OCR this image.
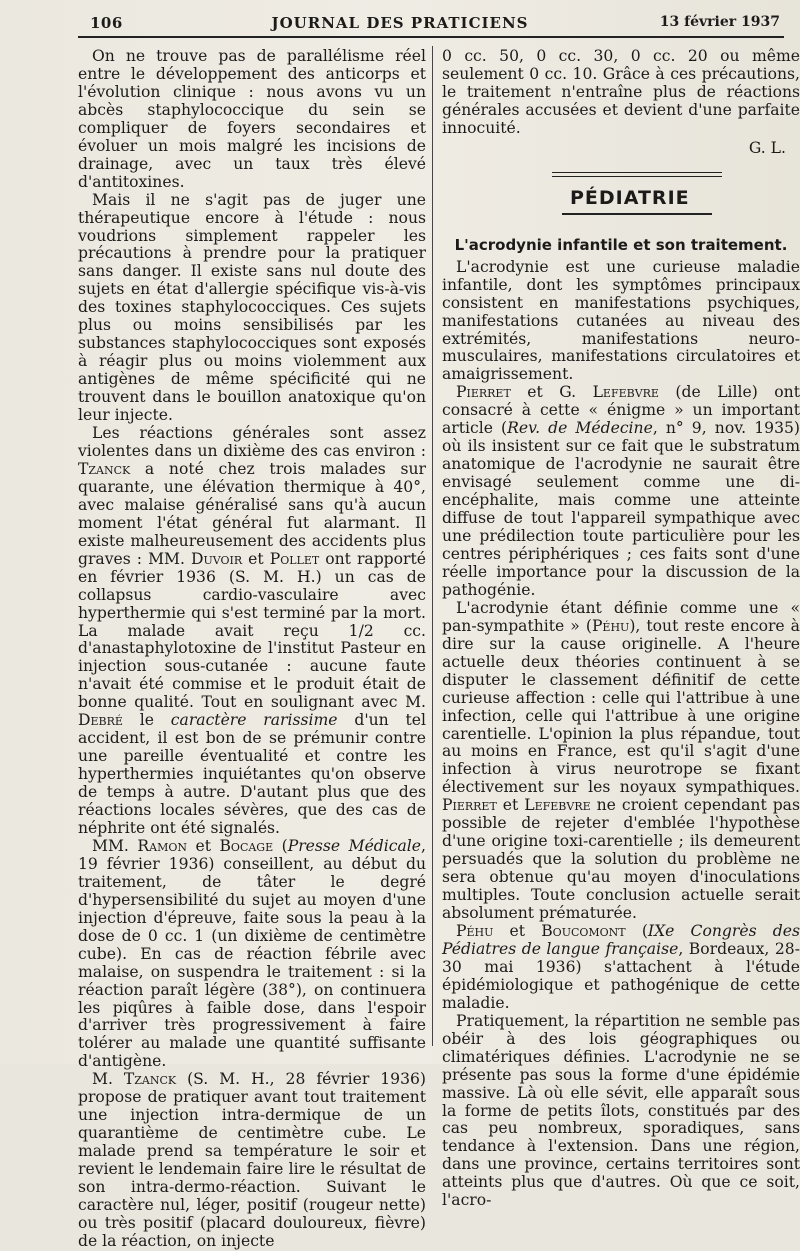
106	JOURNAL DES PRATICIENS	13 février 1937

On ne trouve pas de parallélisme réel entre le développement des anticorps et l'évolution clinique : nous avons vu un abcès staphylococcique du sein se compliquer de foyers secondaires et évoluer un mois malgré les incisions de drainage, avec un taux très élevé d'antitoxines.

Mais il ne s'agit pas de juger une thérapeutique encore à l'étude : nous voudrions simplement rappeler les précautions à prendre pour la pratiquer sans danger. Il existe sans nul doute des sujets en état d'allergie spécifique vis-à-vis des toxines staphylococciques. Ces sujets plus ou moins sensibilisés par les substances staphylococciques sont exposés à réagir plus ou moins violemment aux antigènes de même spécificité qui ne trouvent dans le bouillon anatoxique qu'on leur injecte.

Les réactions générales sont assez violentes dans un dixième des cas environ : Tzanck a noté chez trois malades sur quarante, une élévation thermique à 40°, avec malaise généralisé sans qu'à aucun moment l'état général fut alarmant. Il existe malheureusement des accidents plus graves : MM. Duvoir et Pollet ont rapporté en février 1936 (S. M. H.) un cas de collapsus cardio-vasculaire avec hyperthermie qui s'est terminé par la mort. La malade avait reçu 1/2 cc. d'anastaphylotoxine de l'institut Pasteur en injection sous-cutanée : aucune faute n'avait été commise et le produit était de bonne qualité. Tout en soulignant avec M. Debré le caractère rarissime d'un tel accident, il est bon de se prémunir contre une pareille éventualité et contre les hyperthermies inquiétantes qu'on observe de temps à autre. D'autant plus que des réactions locales sévères, que des cas de néphrite ont été signalés.

MM. Ramon et Bocage (Presse Médicale, 19 février 1936) conseillent, au début du traitement, de tâter le degré d'hypersensibilité du sujet au moyen d'une injection d'épreuve, faite sous la peau à la dose de 0 cc. 1 (un dixième de centimètre cube). En cas de réaction fébrile avec malaise, on suspendra le traitement : si la réaction paraît légère (38°), on continuera les piqûres à faible dose, dans l'espoir d'arriver très progressivement à faire tolérer au malade une quantité suffisante d'antigène.

M. Tzanck (S. M. H., 28 février 1936) propose de pratiquer avant tout traitement une injection intra-dermique de un quarantième de centimètre cube. Le malade prend sa température le soir et revient le lendemain faire lire le résultat de son intra-dermo-réaction. Suivant le caractère nul, léger, positif (rougeur nette) ou très positif (placard douloureux, fièvre) de la réaction, on injecte

0 cc. 50, 0 cc. 30, 0 cc. 20 ou même seulement 0 cc. 10. Grâce à ces précautions, le traitement n'entraîne plus de réactions générales accusées et devient d'une parfaite innocuité.

G. L.

PÉDIATRIE

L'acrodynie infantile et son traitement.

L'acrodynie est une curieuse maladie infantile, dont les symptômes principaux consistent en manifestations psychiques, manifestations cutanées au niveau des extrémités, manifestations neuro-musculaires, manifestations circulatoires et amaigrissement.

Pierret et G. Lefebvre (de Lille) ont consacré à cette « énigme » un important article (Rev. de Médecine, n° 9, nov. 1935) où ils insistent sur ce fait que le substratum anatomique de l'acrodynie ne saurait être envisagé seulement comme une di-encéphalite, mais comme une atteinte diffuse de tout l'appareil sympathique avec une prédilection toute particulière pour les centres périphériques ; ces faits sont d'une réelle importance pour la discussion de la pathogénie.

L'acrodynie étant définie comme une « pan-sympathite » (Péhu), tout reste encore à dire sur la cause originelle. A l'heure actuelle deux théories continuent à se disputer le classement définitif de cette curieuse affection : celle qui l'attribue à une infection, celle qui l'attribue à une origine carentielle. L'opinion la plus répandue, tout au moins en France, est qu'il s'agit d'une infection à virus neurotrope se fixant électivement sur les noyaux sympathiques. Pierret et Lefebvre ne croient cependant pas possible de rejeter d'emblée l'hypothèse d'une origine toxi-carentielle ; ils demeurent persuadés que la solution du problème ne sera obtenue qu'au moyen d'inoculations multiples. Toute conclusion actuelle serait absolument prématurée.

Péhu et Boucomont (IXe Congrès des Pédiatres de langue française, Bordeaux, 28-30 mai 1936) s'attachent à l'étude épidémiologique et pathogénique de cette maladie.

Pratiquement, la répartition ne semble pas obéir à des lois géographiques ou climatériques définies. L'acrodynie ne se présente pas sous la forme d'une épidémie massive. Là où elle sévit, elle apparaît sous la forme de petits îlots, constitués par des cas peu nombreux, sporadiques, sans tendance à l'extension. Dans une région, dans une province, certains territoires sont atteints plus que d'autres. Où que ce soit, l'acro-
